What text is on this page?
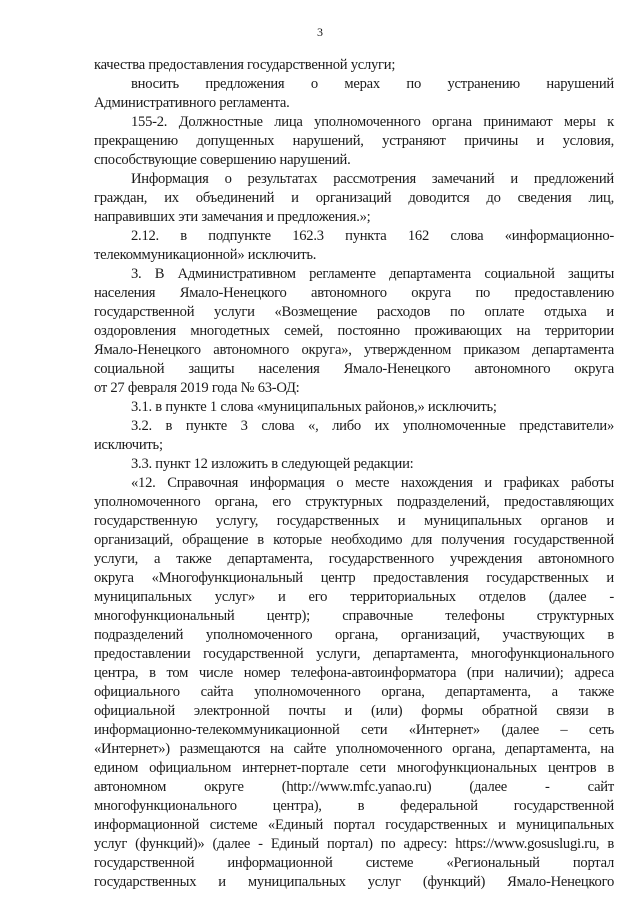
3
качества предоставления государственной услуги;
вносить предложения о мерах по устранению нарушений
Административного регламента.
155-2. Должностные лица уполномоченного органа принимают меры к
прекращению допущенных нарушений, устраняют причины и условия,
способствующие совершению нарушений.
Информация о результатах рассмотрения замечаний и предложений
граждан, их объединений и организаций доводится до сведения лиц,
направивших эти замечания и предложения.»;
2.12. в подпункте 162.3 пункта 162 слова «информационно-
телекоммуникационной» исключить.
3. В Административном регламенте департамента социальной защиты
населения Ямало-Ненецкого автономного округа по предоставлению
государственной услуги «Возмещение расходов по оплате отдыха и
оздоровления многодетных семей, постоянно проживающих на территории
Ямало-Ненецкого автономного округа», утвержденном приказом департамента
социальной защиты населения Ямало-Ненецкого автономного округа
от 27 февраля 2019 года № 63-ОД:
3.1. в пункте 1 слова «муниципальных районов,» исключить;
3.2. в пункте 3 слова «, либо их уполномоченные представители»
исключить;
3.3. пункт 12 изложить в следующей редакции:
«12. Справочная информация о месте нахождения и графиках работы
уполномоченного органа, его структурных подразделений, предоставляющих
государственную услугу, государственных и муниципальных органов и
организаций, обращение в которые необходимо для получения государственной
услуги, а также департамента, государственного учреждения автономного
округа «Многофункциональный центр предоставления государственных и
муниципальных услуг» и его территориальных отделов (далее -
многофункциональный центр); справочные телефоны структурных
подразделений уполномоченного органа, организаций, участвующих в
предоставлении государственной услуги, департамента, многофункционального
центра, в том числе номер телефона-автоинформатора (при наличии); адреса
официального сайта уполномоченного органа, департамента, а также
официальной электронной почты и (или) формы обратной связи в
информационно-телекоммуникационной сети «Интернет» (далее – сеть
«Интернет») размещаются на сайте уполномоченного органа, департамента, на
едином официальном интернет-портале сети многофункциональных центров в
автономном округе (http://www.mfc.yanao.ru) (далее - сайт
многофункционального центра), в федеральной государственной
информационной системе «Единый портал государственных и муниципальных
услуг (функций)» (далее - Единый портал) по адресу: https://www.gosuslugi.ru, в
государственной информационной системе «Региональный портал
государственных и муниципальных услуг (функций) Ямало-Ненецкого
